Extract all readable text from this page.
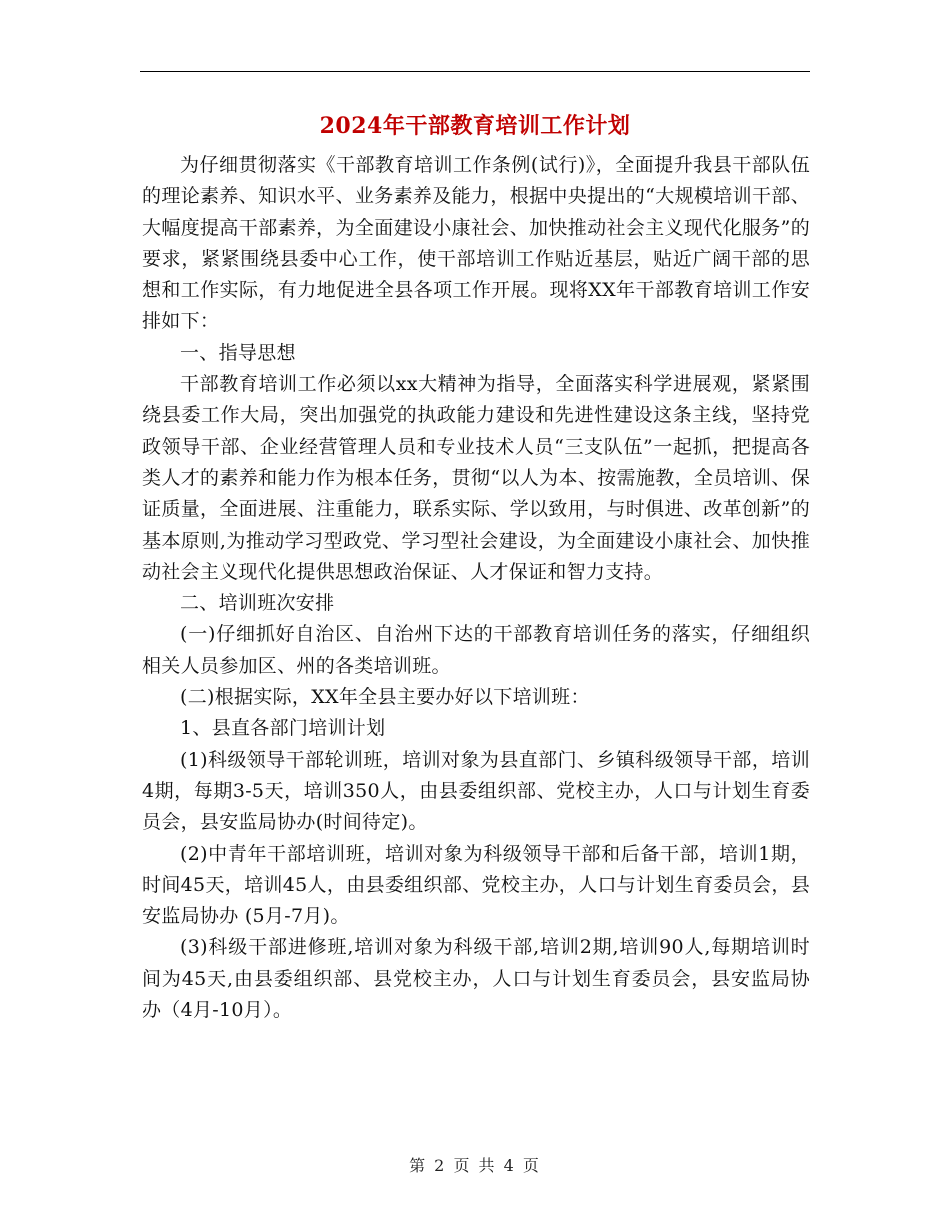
2024年干部教育培训工作计划

为仔细贯彻落实《干部教育培训工作条例(试行)》，全面提升我县干部队伍的理论素养、知识水平、业务素养及能力，根据中央提出的“大规模培训干部、大幅度提高干部素养，为全面建设小康社会、加快推动社会主义现代化服务”的要求，紧紧围绕县委中心工作，使干部培训工作贴近基层，贴近广阔干部的思想和工作实际，有力地促进全县各项工作开展。现将XX年干部教育培训工作安排如下：

一、指导思想

干部教育培训工作必须以xx大精神为指导，全面落实科学进展观，紧紧围绕县委工作大局，突出加强党的执政能力建设和先进性建设这条主线，坚持党政领导干部、企业经营管理人员和专业技术人员“三支队伍”一起抓，把提高各类人才的素养和能力作为根本任务，贯彻“以人为本、按需施教，全员培训、保证质量，全面进展、注重能力，联系实际、学以致用，与时俱进、改革创新”的基本原则,为推动学习型政党、学习型社会建设，为全面建设小康社会、加快推动社会主义现代化提供思想政治保证、人才保证和智力支持。

二、培训班次安排

(一)仔细抓好自治区、自治州下达的干部教育培训任务的落实，仔细组织相关人员参加区、州的各类培训班。

(二)根据实际，XX年全县主要办好以下培训班：

1、县直各部门培训计划

(1)科级领导干部轮训班，培训对象为县直部门、乡镇科级领导干部，培训4期，每期3-5天，培训350人，由县委组织部、党校主办，人口与计划生育委员会，县安监局协办(时间待定)。

(2)中青年干部培训班，培训对象为科级领导干部和后备干部，培训1期，时间45天，培训45人，由县委组织部、党校主办，人口与计划生育委员会，县安监局协办 (5月-7月)。

(3)科级干部进修班,培训对象为科级干部,培训2期,培训90人,每期培训时间为45天,由县委组织部、县党校主办，人口与计划生育委员会，县安监局协办（4月-10月）。

第 2 页 共 4 页
